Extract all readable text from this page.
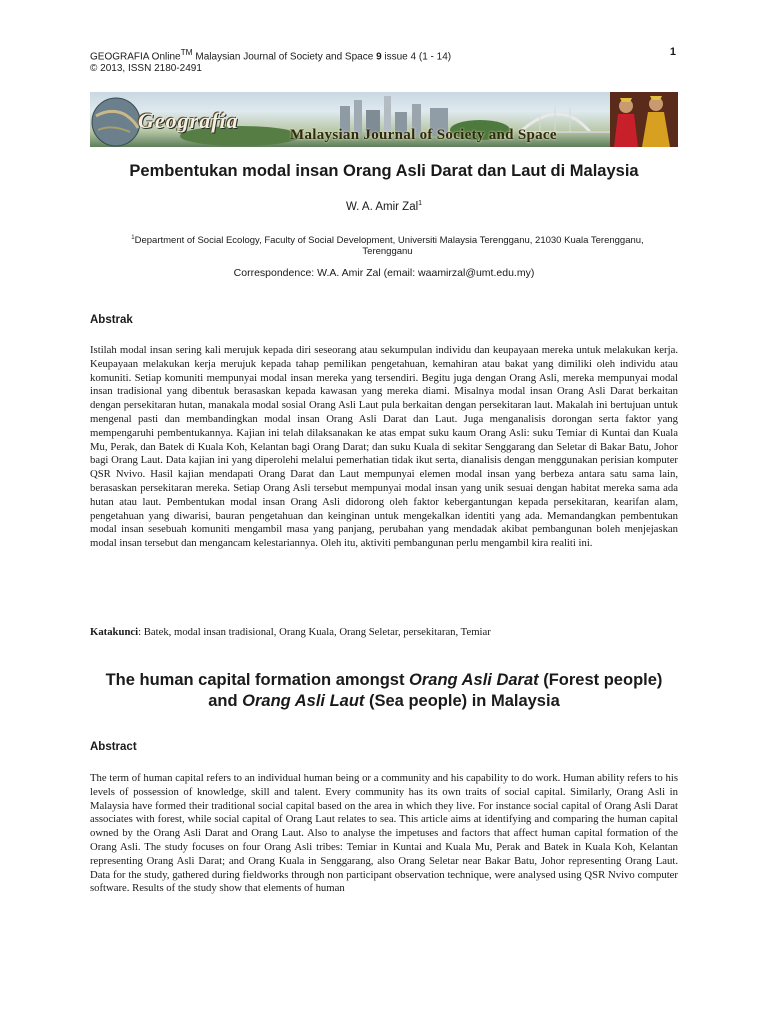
GEOGRAFIA Online™ Malaysian Journal of Society and Space 9 issue 4 (1 - 14)
© 2013, ISSN 2180-2491
1
Geografia
Malaysian Journal of Society and Space
Pembentukan modal insan Orang Asli Darat dan Laut di Malaysia
W. A. Amir Zal$^1$
$^1$Department of Social Ecology, Faculty of Social Development, Universiti Malaysia Terengganu, 21030 Kuala Terengganu, Terengganu
Correspondence: W.A. Amir Zal (email: waamirzal@umt.edu.my)
Abstrak

Istilah modal insan sering kali merujuk kepada diri seseorang atau sekumpulan individu dan keupayaan mereka untuk melakukan kerja. Keupayaan melakukan kerja merujuk kepada tahap pemilikan pengetahuan, kemahiran atau bakat yang dimiliki oleh individu atau komuniti. Setiap komuniti mempunyai modal insan mereka yang tersendiri. Begitu juga dengan Orang Asli, mereka mempunyai modal insan tradisional yang dibentuk berasaskan kepada kawasan yang mereka diami. Misalnya modal insan Orang Asli Darat berkaitan dengan persekitaran hutan, manakala modal sosial Orang Asli Laut pula berkaitan dengan persekitaran laut. Makalah ini bertujuan untuk mengenal pasti dan membandingkan modal insan Orang Asli Darat dan Laut. Juga menganalisis dorongan serta faktor yang mempengaruhi pembentukannya. Kajian ini telah dilaksanakan ke atas empat suku kaum Orang Asli: suku Temiar di Kuntai dan Kuala Mu, Perak, dan Batek di Kuala Koh, Kelantan bagi Orang Darat; dan suku Kuala di sekitar Senggarang dan Seletar di Bakar Batu, Johor bagi Orang Laut. Data kajian ini yang diperolehi melalui pemerhatian tidak ikut serta, dianalisis dengan menggunakan perisian komputer QSR Nvivo. Hasil kajian mendapati Orang Darat dan Laut mempunyai elemen modal insan yang berbeza antara satu sama lain, berasaskan persekitaran mereka. Setiap Orang Asli tersebut mempunyai modal insan yang unik sesuai dengan habitat mereka sama ada hutan atau laut. Pembentukan modal insan Orang Asli didorong oleh faktor kebergantungan kepada persekitaran, kearifan alam, pengetahuan yang diwarisi, bauran pengetahuan dan keinginan untuk mengekalkan identiti yang ada. Memandangkan pembentukan modal insan sesebuah komuniti mengambil masa yang panjang, perubahan yang mendadak akibat pembangunan boleh menjejaskan modal insan tersebut dan mengancam kelestariannya. Oleh itu, aktiviti pembangunan perlu mengambil kira realiti ini.

Katakunci: Batek, modal insan tradisional, Orang Kuala, Orang Seletar, persekitaran, Temiar
The human capital formation amongst Orang Asli Darat (Forest people) and Orang Asli Laut (Sea people) in Malaysia
Abstract

The term of human capital refers to an individual human being or a community and his capability to do work. Human ability refers to his levels of possession of knowledge, skill and talent. Every community has its own traits of social capital. Similarly, Orang Asli in Malaysia have formed their traditional social capital based on the area in which they live. For instance social capital of Orang Asli Darat associates with forest, while social capital of Orang Laut relates to sea. This article aims at identifying and comparing the human capital owned by the Orang Asli Darat and Orang Laut. Also to analyse the impetuses and factors that affect human capital formation of the Orang Asli. The study focuses on four Orang Asli tribes: Temiar in Kuntai and Kuala Mu, Perak and Batek in Kuala Koh, Kelantan representing Orang Asli Darat; and Orang Kuala in Senggarang, also Orang Seletar near Bakar Batu, Johor representing Orang Laut. Data for the study, gathered during fieldworks through non participant observation technique, were analysed using QSR Nvivo computer software. Results of the study show that elements of human
